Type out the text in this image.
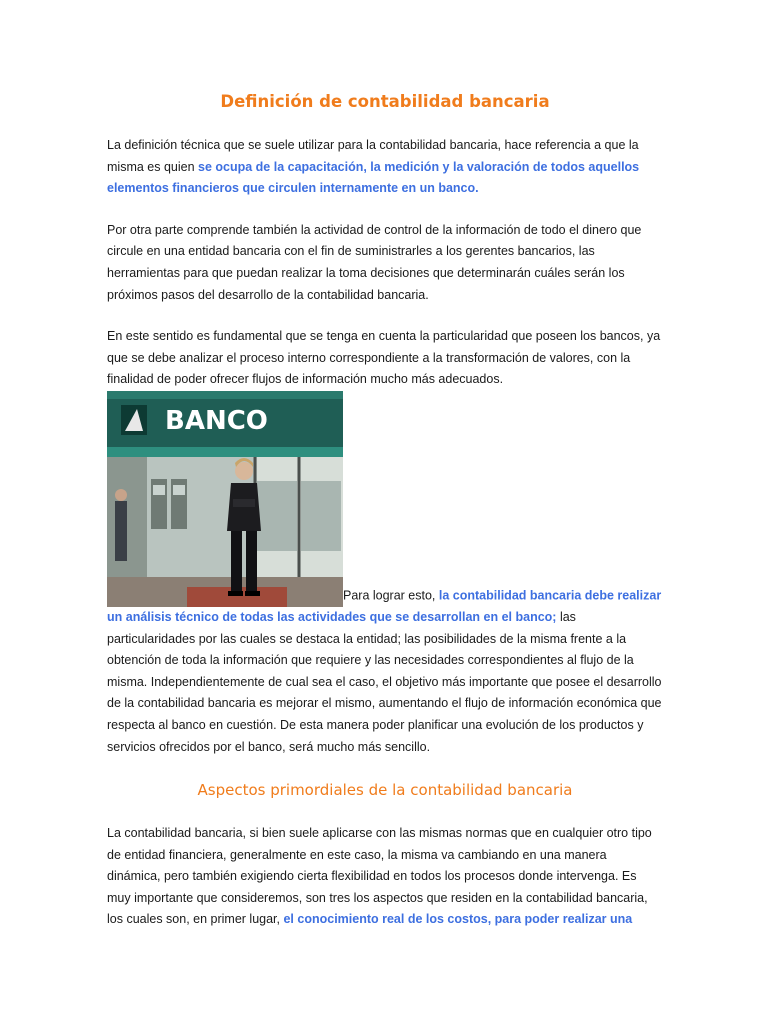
Definición de contabilidad bancaria

La definición técnica que se suele utilizar para la contabilidad bancaria, hace referencia a que la misma es quien se ocupa de la capacitación, la medición y la valoración de todos aquellos elementos financieros que circulen internamente en un banco.

Por otra parte comprende también la actividad de control de la información de todo el dinero que circule en una entidad bancaria con el fin de suministrarles a los gerentes bancarios, las herramientas para que puedan realizar la toma decisiones que determinarán cuáles serán los próximos pasos del desarrollo de la contabilidad bancaria.

En este sentido es fundamental que se tenga en cuenta la particularidad que poseen los bancos, ya que se debe analizar el proceso interno correspondiente a la transformación de valores, con la finalidad de poder ofrecer flujos de información mucho más adecuados.

BANCO
Para lograr esto, la contabilidad bancaria debe realizar un análisis técnico de todas las actividades que se desarrollan en el banco; las particularidades por las cuales se destaca la entidad; las posibilidades de la misma frente a la obtención de toda la información que requiere y las necesidades correspondientes al flujo de la misma. Independientemente de cual sea el caso, el objetivo más importante que posee el desarrollo de la contabilidad bancaria es mejorar el mismo, aumentando el flujo de información económica que respecta al banco en cuestión. De esta manera poder planificar una evolución de los productos y servicios ofrecidos por el banco, será mucho más sencillo.

Aspectos primordiales de la contabilidad bancaria

La contabilidad bancaria, si bien suele aplicarse con las mismas normas que en cualquier otro tipo de entidad financiera, generalmente en este caso, la misma va cambiando en una manera dinámica, pero también exigiendo cierta flexibilidad en todos los procesos donde intervenga. Es muy importante que consideremos, son tres los aspectos que residen en la contabilidad bancaria, los cuales son, en primer lugar, el conocimiento real de los costos, para poder realizar una
